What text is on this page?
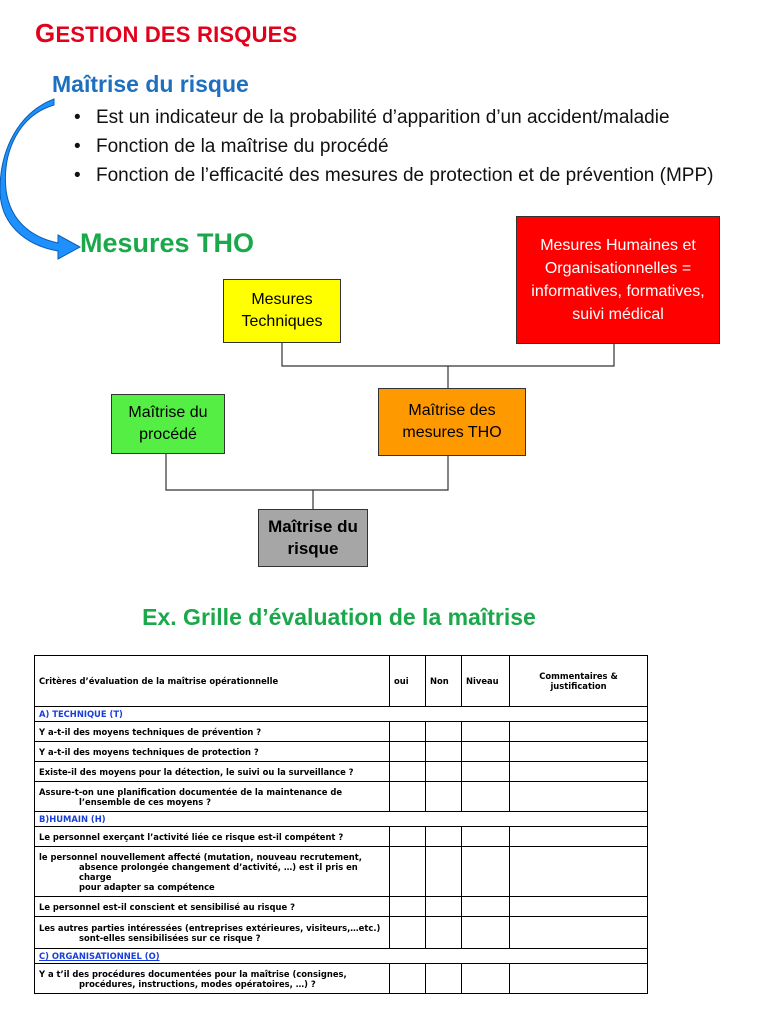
GESTION DES RISQUES
Maîtrise du risque
• Est un indicateur de la probabilité d’apparition d’un accident/maladie
• Fonction de la maîtrise du procédé
• Fonction de l’efficacité des mesures de protection et de prévention (MPP)
Mesures THO
Mesures Techniques
Mesures Humaines et Organisationnelles = informatives, formatives, suivi médical
Maîtrise du procédé
Maîtrise des mesures THO
Maîtrise du risque
Ex. Grille d’évaluation de la maîtrise
Critères d’évaluation de la maîtrise opérationnelle	oui	Non	Niveau	Commentaires & justification
A) TECHNIQUE (T)				
Y a-t-il des moyens techniques de prévention ?				
Y a-t-il des moyens techniques de protection ?				
Existe-il des moyens pour la détection, le suivi ou la surveillance ?				
Assure-t-on une planification documentée de la maintenance de
l’ensemble de ces moyens ?				

B)HUMAIN (H)				
Le personnel exerçant l’activité liée ce risque est-il compétent ?				
le personnel nouvellement affecté (mutation, nouveau recrutement,
absence prolongée changement d’activité, …) est il pris en charge
pour adapter sa compétence				

Le personnel est-il conscient et sensibilisé au risque ?				
Les autres parties intéressées (entreprises extérieures, visiteurs,…etc.)
sont-elles sensibilisées sur ce risque ?				

C) ORGANISATIONNEL (O)				
Y a t’il des procédures documentées pour la maîtrise (consignes,
procédures, instructions, modes opératoires, …) ?				
